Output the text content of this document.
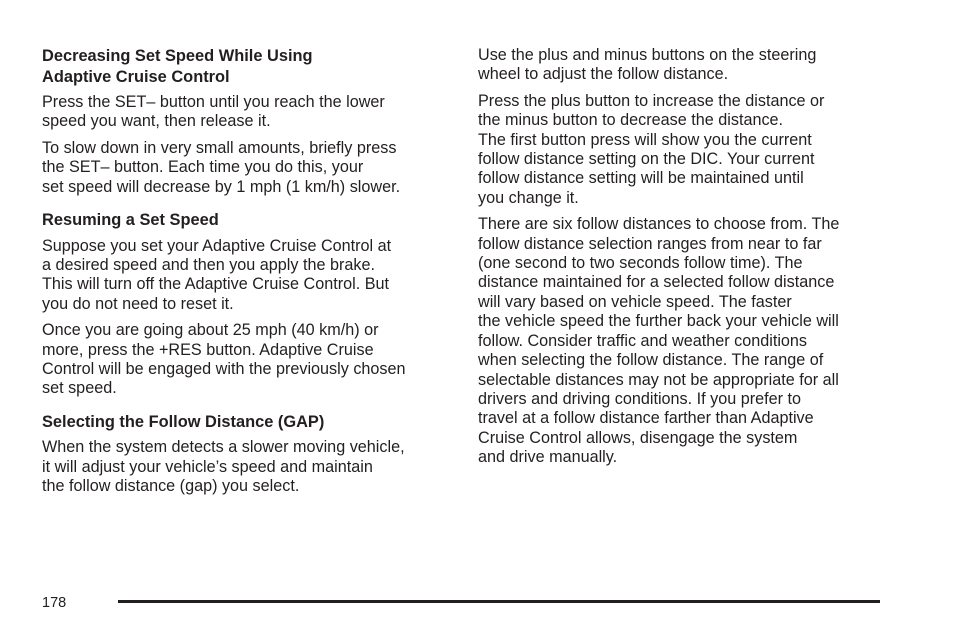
Decreasing Set Speed While Using
Adaptive Cruise Control

Press the SET– button until you reach the lower
speed you want, then release it.

To slow down in very small amounts, briefly press
the SET– button. Each time you do this, your
set speed will decrease by 1 mph (1 km/h) slower.

Resuming a Set Speed

Suppose you set your Adaptive Cruise Control at
a desired speed and then you apply the brake.
This will turn off the Adaptive Cruise Control. But
you do not need to reset it.

Once you are going about 25 mph (40 km/h) or
more, press the +RES button. Adaptive Cruise
Control will be engaged with the previously chosen
set speed.

Selecting the Follow Distance (GAP)

When the system detects a slower moving vehicle,
it will adjust your vehicle’s speed and maintain
the follow distance (gap) you select.

Use the plus and minus buttons on the steering
wheel to adjust the follow distance.

Press the plus button to increase the distance or
the minus button to decrease the distance.
The first button press will show you the current
follow distance setting on the DIC. Your current
follow distance setting will be maintained until
you change it.

There are six follow distances to choose from. The
follow distance selection ranges from near to far
(one second to two seconds follow time). The
distance maintained for a selected follow distance
will vary based on vehicle speed. The faster
the vehicle speed the further back your vehicle will
follow. Consider traffic and weather conditions
when selecting the follow distance. The range of
selectable distances may not be appropriate for all
drivers and driving conditions. If you prefer to
travel at a follow distance farther than Adaptive
Cruise Control allows, disengage the system
and drive manually.

178
